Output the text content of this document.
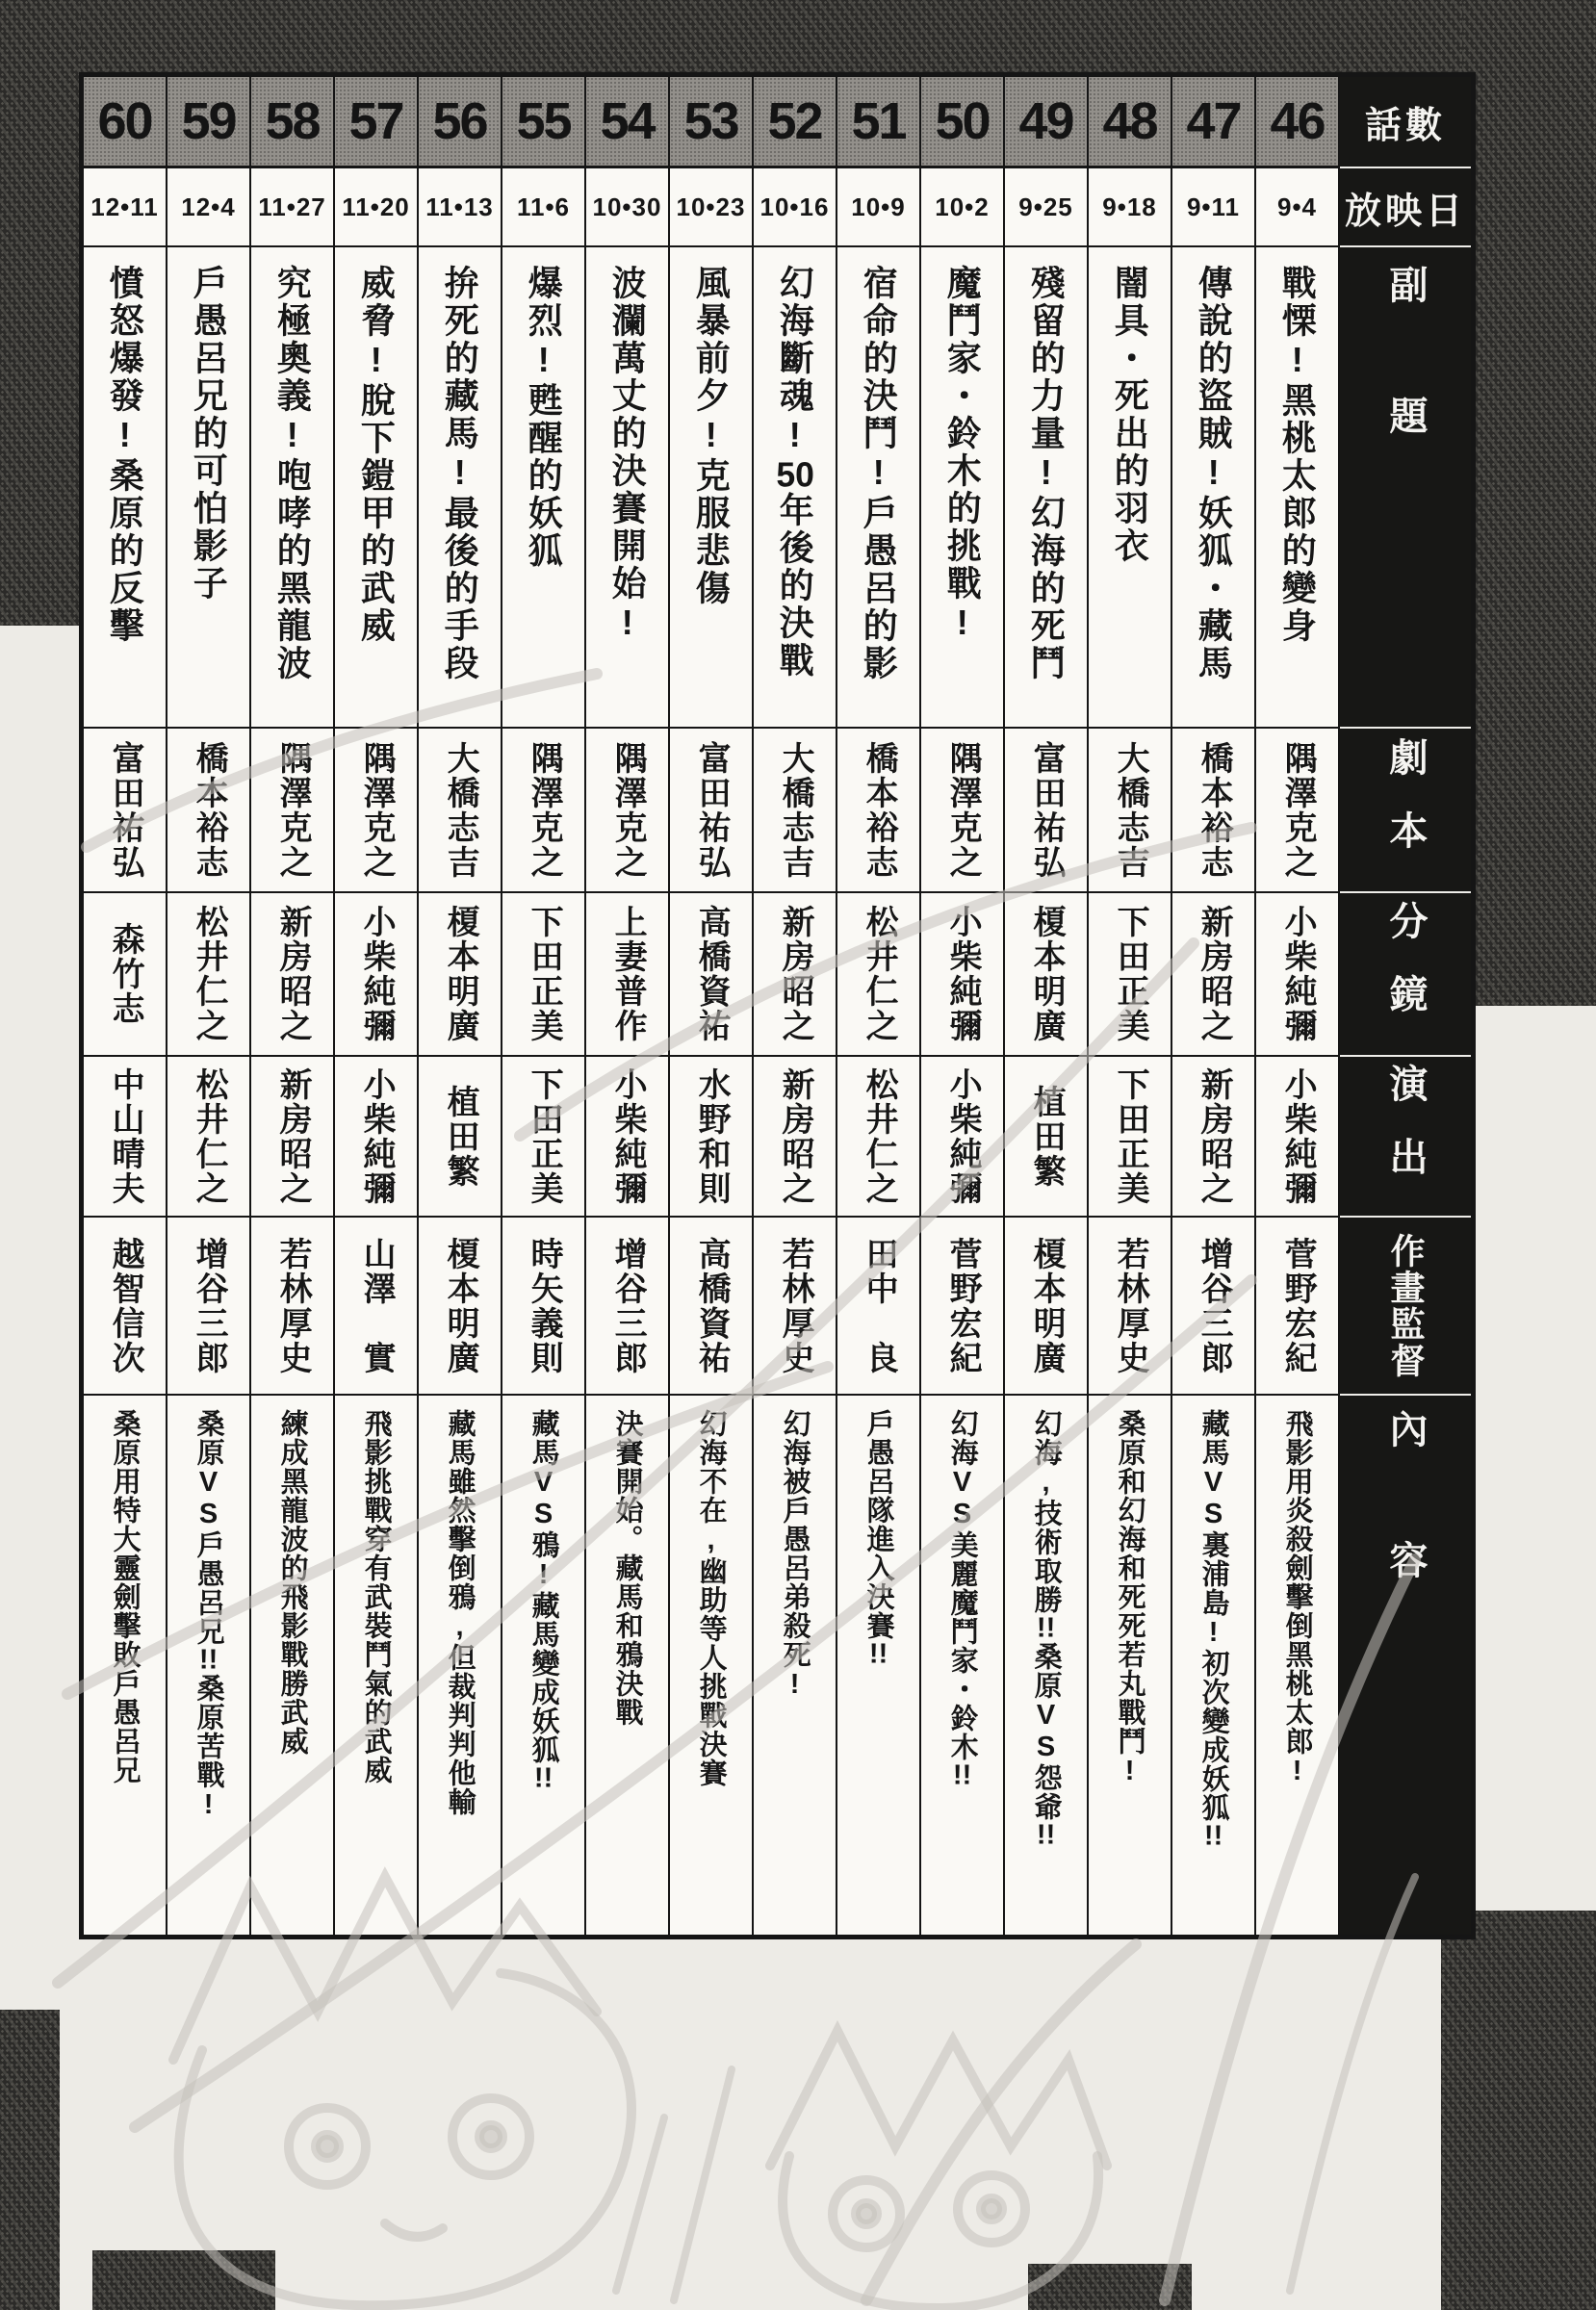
60
12•11
憤怒爆發!桑原的反擊
富田祐弘
森竹志
中山晴夫
越智信次
桑原用特大靈劍擊敗戶愚呂兄
59
12•4
戶愚呂兄的可怕影子
橋本裕志
松井仁之
松井仁之
增谷三郎
桑原VS戶愚呂兄!!桑原苦戰!
58
11•27
究極奧義!咆哮的黑龍波
隅澤克之
新房昭之
新房昭之
若林厚史
練成黑龍波的飛影戰勝武威
57
11•20
威脅!脫下鎧甲的武威
隅澤克之
小柴純彌
小柴純彌
山澤　實
飛影挑戰穿有武裝鬥氣的武威
56
11•13
拚死的藏馬!最後的手段
大橋志吉
榎本明廣
植田繁
榎本明廣
藏馬雖然擊倒鴉,但裁判判他輸
55
11•6
爆烈!甦醒的妖狐
隅澤克之
下田正美
下田正美
時矢義則
藏馬VS鴉!藏馬變成妖狐!!
54
10•30
波瀾萬丈的決賽開始!
隅澤克之
上妻普作
小柴純彌
增谷三郎
決賽開始。藏馬和鴉決戰
53
10•23
風暴前夕!克服悲傷
富田祐弘
高橋資祐
水野和則
高橋資祐
幻海不在,幽助等人挑戰決賽
52
10•16
幻海斷魂!50年後的決戰
大橋志吉
新房昭之
新房昭之
若林厚史
幻海被戶愚呂弟殺死!
51
10•9
宿命的決鬥!戶愚呂的影
橋本裕志
松井仁之
松井仁之
田中　良
戶愚呂隊進入決賽!!
50
10•2
魔鬥家・鈴木的挑戰!
隅澤克之
小柴純彌
小柴純彌
菅野宏紀
幻海VS美麗魔鬥家・鈴木!!
49
9•25
殘留的力量!幻海的死鬥
富田祐弘
榎本明廣
植田繁
榎本明廣
幻海,技術取勝!!桑原VS怨爺!!
48
9•18
闇具・死出的羽衣
大橋志吉
下田正美
下田正美
若林厚史
桑原和幻海和死死若丸戰鬥!
47
9•11
傳說的盜賊!妖狐・藏馬
橋本裕志
新房昭之
新房昭之
增谷三郎
藏馬VS裏浦島!初次變成妖狐!!
46
9•4
戰慄!黑桃太郎的變身
隅澤克之
小柴純彌
小柴純彌
菅野宏紀
飛影用炎殺劍擊倒黑桃太郎!
話數
放映日
副題
劇本
分鏡
演出
作畫監督
內容
